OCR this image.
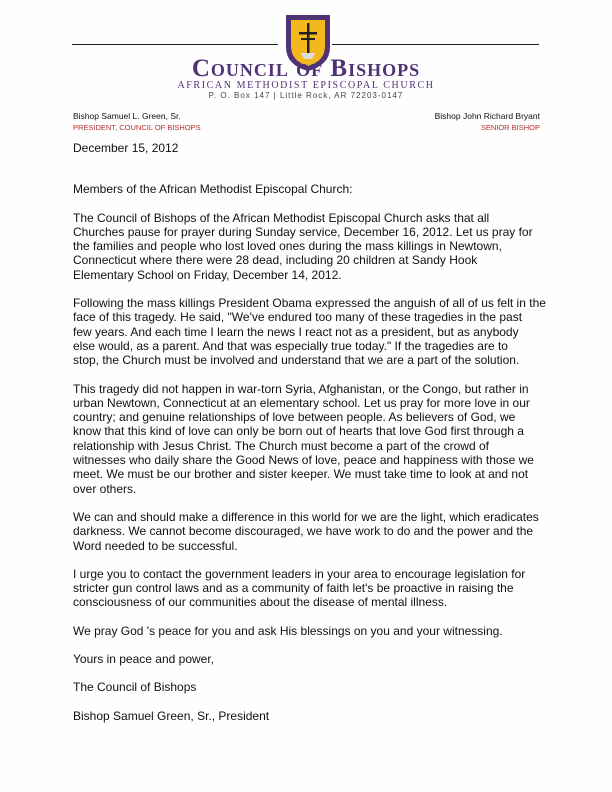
Council of Bishops
AFRICAN METHODIST EPISCOPAL CHURCH
P. O. Box 147 | Little Rock, AR 72203-0147
Bishop Samuel L. Green, Sr.
PRESIDENT, COUNCIL OF BISHOPS
Bishop John Richard Bryant
SENIOR BISHOP

December 15, 2012

Members of the African Methodist Episcopal Church:

The Council of Bishops of the African Methodist Episcopal Church asks that all
Churches pause for prayer during Sunday service, December 16, 2012. Let us pray for
the families and people who lost loved ones during the mass killings in Newtown,
Connecticut where there were 28 dead, including 20 children at Sandy Hook
Elementary School on Friday, December 14, 2012.

Following the mass killings President Obama expressed the anguish of all of us felt in the
face of this tragedy. He said, "We've endured too many of these tragedies in the past
few years. And each time I learn the news I react not as a president, but as anybody
else would, as a parent. And that was especially true today." If the tragedies are to
stop, the Church must be involved and understand that we are a part of the solution.

This tragedy did not happen in war-torn Syria, Afghanistan, or the Congo, but rather in
urban Newtown, Connecticut at an elementary school. Let us pray for more love in our
country; and genuine relationships of love between people. As believers of God, we
know that this kind of love can only be born out of hearts that love God first through a
relationship with Jesus Christ. The Church must become a part of the crowd of
witnesses who daily share the Good News of love, peace and happiness with those we
meet. We must be our brother and sister keeper. We must take time to look at and not
over others.

We can and should make a difference in this world for we are the light, which eradicates
darkness. We cannot become discouraged, we have work to do and the power and the
Word needed to be successful.

I urge you to contact the government leaders in your area to encourage legislation for
stricter gun control laws and as a community of faith let's be proactive in raising the
consciousness of our communities about the disease of mental illness.

We pray God 's peace for you and ask His blessings on you and your witnessing.

Yours in peace and power,

The Council of Bishops

Bishop Samuel Green, Sr., President
